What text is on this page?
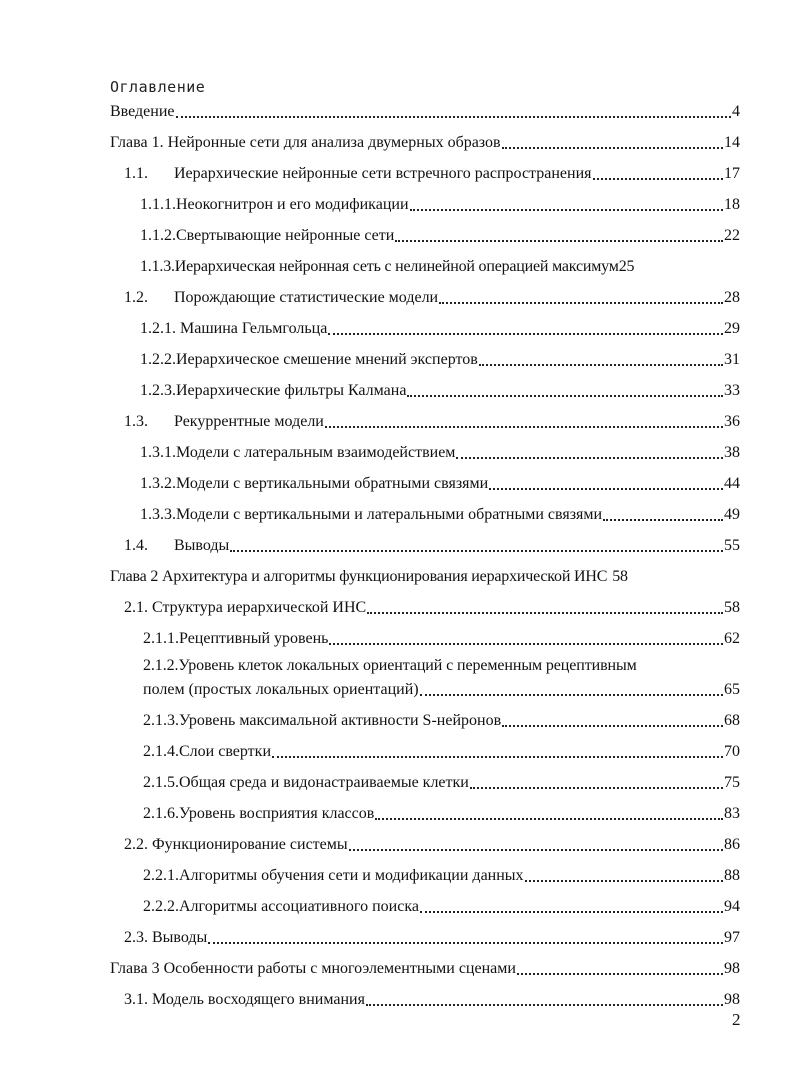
Оглавление
Введение	4
Глава 1. Нейронные сети для анализа двумерных образов	14
1.1.	Иерархические нейронные сети встречного распространения	17
1.1.1.Неокогнитрон и его модификации	18
1.1.2.Свертывающие нейронные сети	22
1.1.3.Иерархическая нейронная сеть с нелинейной операцией максимум 25
1.2.	Порождающие статистические модели	28
1.2.1. Машина Гельмгольца	29
1.2.2.Иерархическое смешение мнений экспертов	31
1.2.3.Иерархические фильтры Калмана	33
1.3.	Рекуррентные модели	36
1.3.1.Модели с латеральным взаимодействием	38
1.3.2.Модели с вертикальными обратными связями	44
1.3.3.Модели с вертикальными и латеральными обратными связями	49
1.4.	Выводы	55
Глава 2 Архитектура и алгоритмы функционирования иерархической ИНС 58
2.1. Структура иерархической ИНС	58
2.1.1.Рецептивный уровень	62
2.1.2.Уровень клеток локальных ориентаций с переменным рецептивным
полем (простых локальных ориентаций)	65
2.1.3.Уровень максимальной активности S-нейронов	68
2.1.4.Слои свертки	70
2.1.5.Общая среда и видонастраиваемые клетки	75
2.1.6.Уровень восприятия классов	83
2.2. Функционирование системы	86
2.2.1.Алгоритмы обучения сети и модификации данных	88
2.2.2.Алгоритмы ассоциативного поиска	94
2.3. Выводы	97
Глава 3 Особенности работы с многоэлементными сценами	98
3.1. Модель восходящего внимания	98
2
